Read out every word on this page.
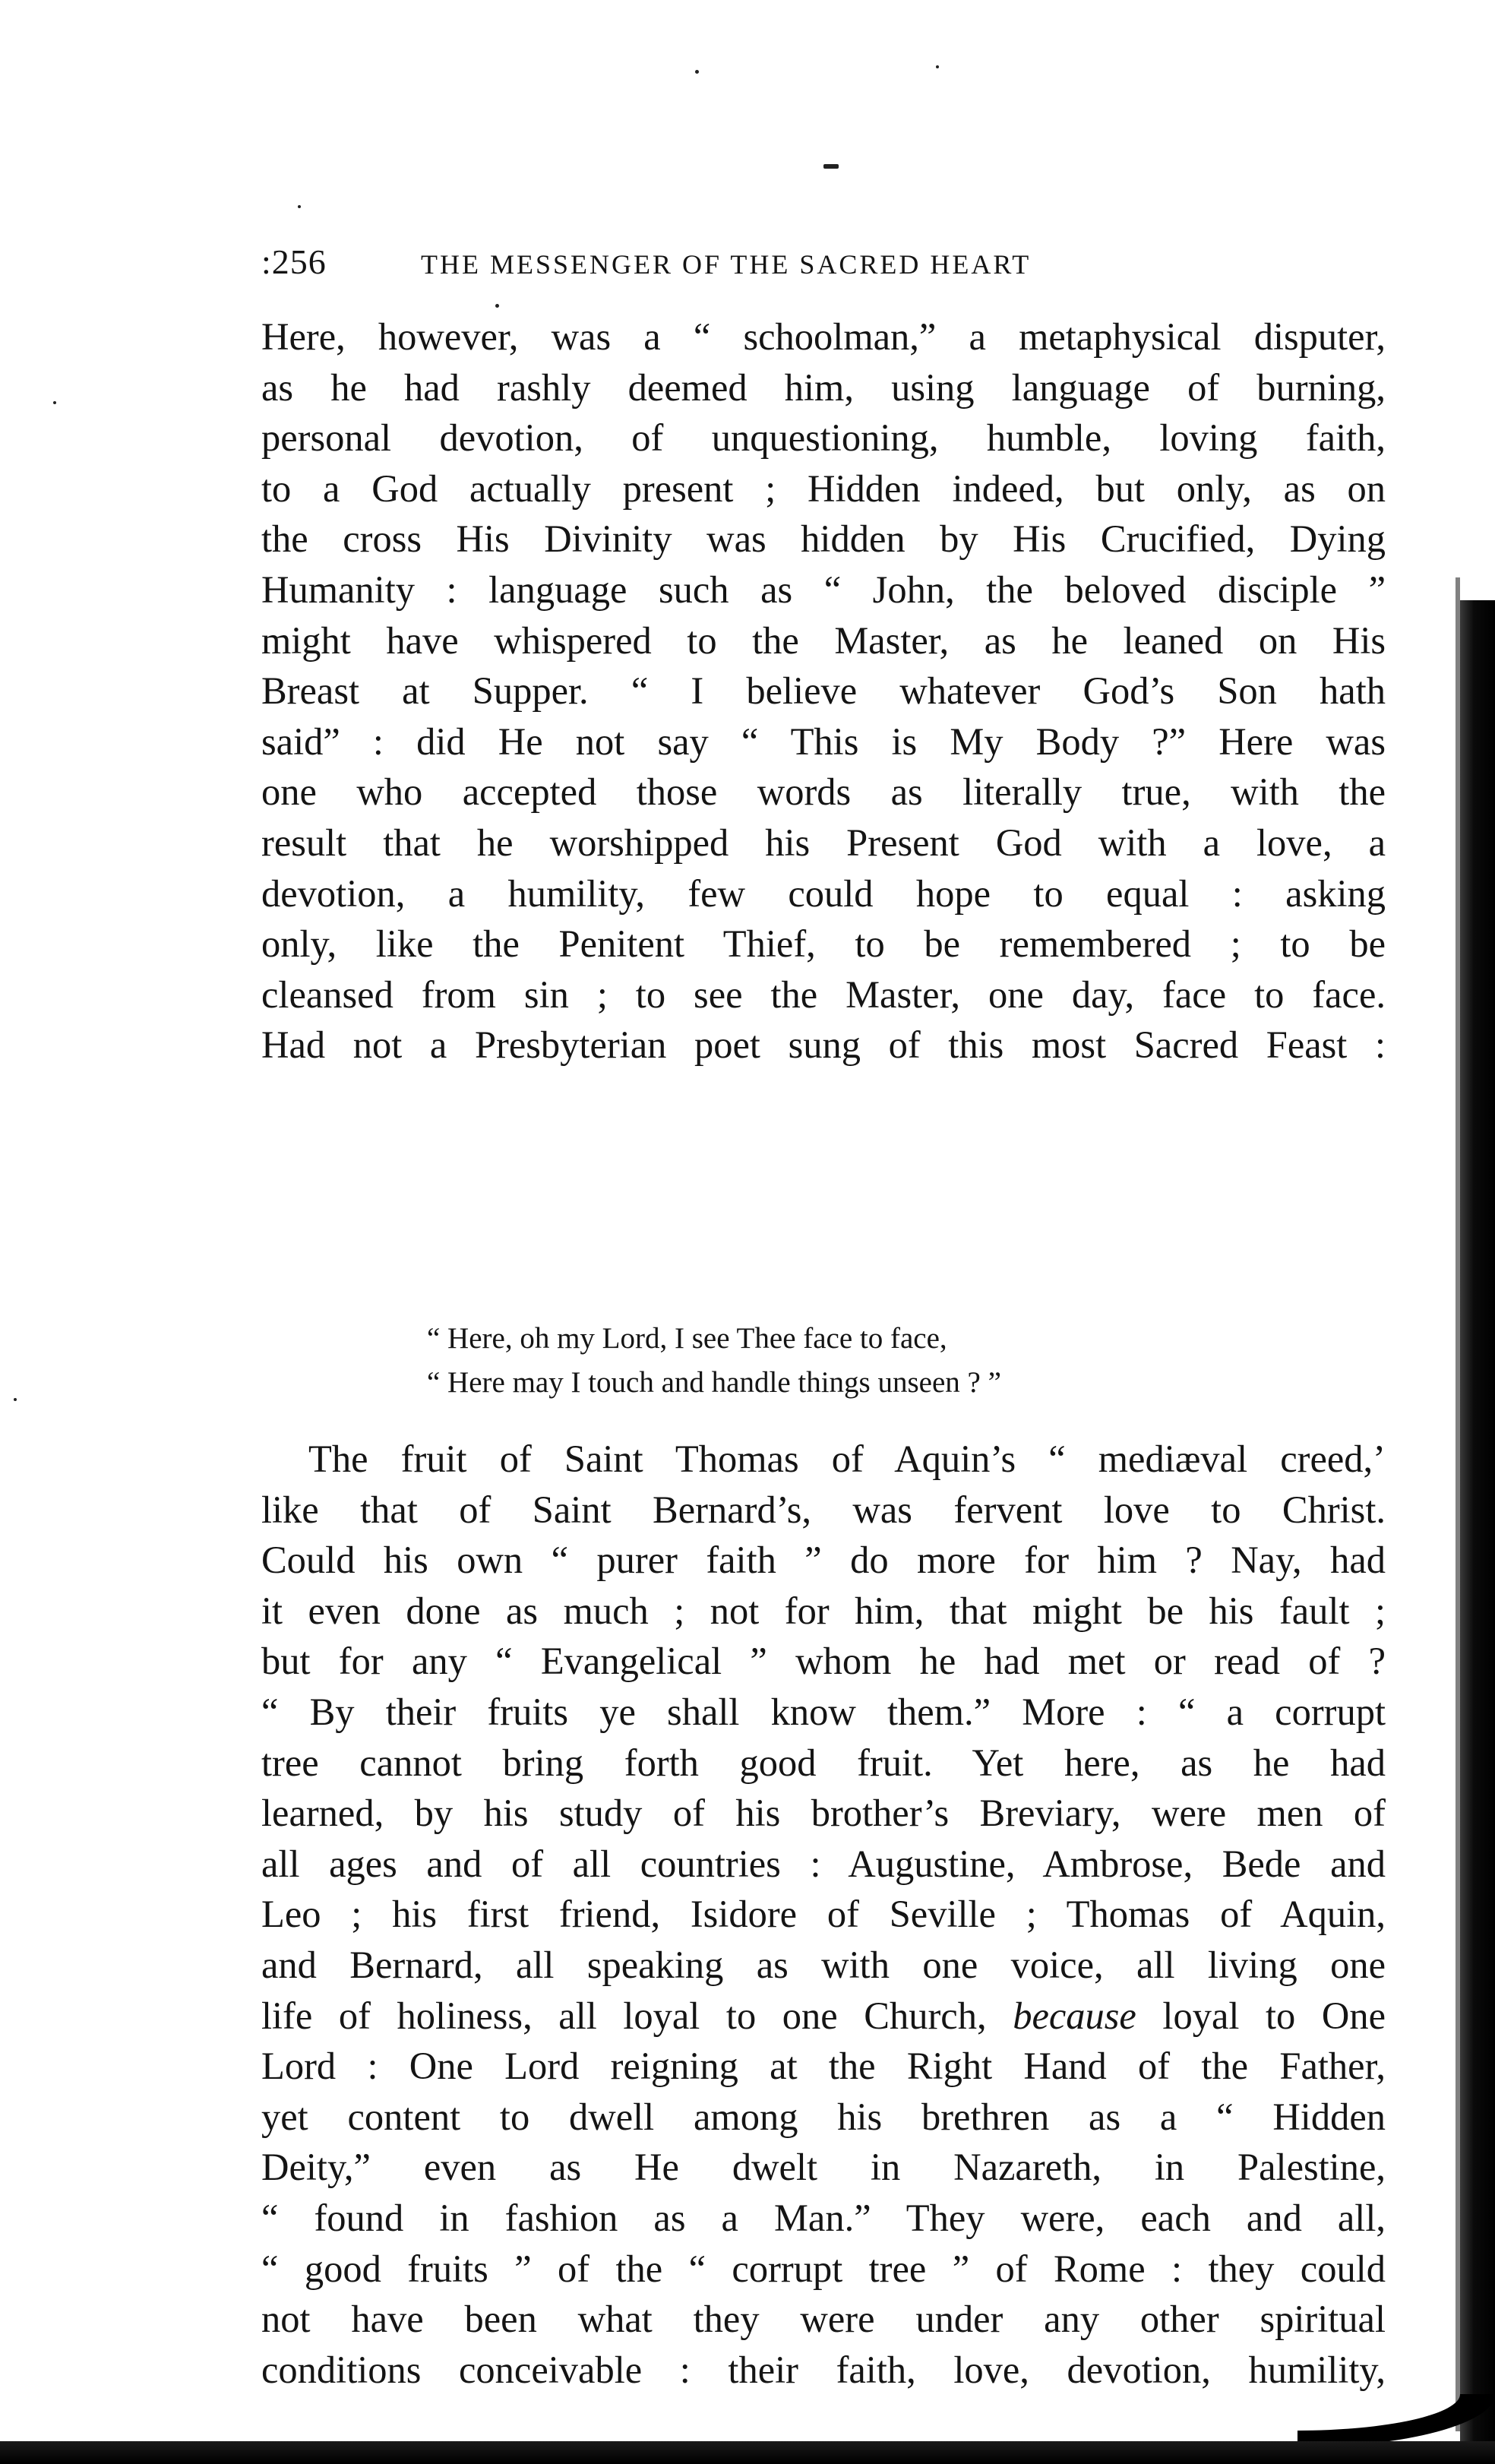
:256	THE MESSENGER OF THE SACRED HEART

Here, however, was a “ schoolman,” a metaphysical disputer,
as he had rashly deemed him, using language of burning,
personal devotion, of unquestioning, humble, loving faith,
to a God actually present ; Hidden indeed, but only, as on
the cross His Divinity was hidden by His Crucified, Dying
Humanity : language such as “ John, the beloved disciple ”
might have whispered to the Master, as he leaned on His
Breast at Supper. “ I believe whatever God’s Son hath
said” : did He not say “ This is My Body ?” Here was
one who accepted those words as literally true, with the
result that he worshipped his Present God with a love, a
devotion, a humility, few could hope to equal : asking
only, like the Penitent Thief, to be remembered ; to be
cleansed from sin ; to see the Master, one day, face to face.
Had not a Presbyterian poet sung of this most Sacred Feast :

“ Here, oh my Lord, I see Thee face to face,
“ Here may I touch and handle things unseen ? ”

The fruit of Saint Thomas of Aquin’s “ mediæval creed,’
like that of Saint Bernard’s, was fervent love to Christ.
Could his own “ purer faith ” do more for him ? Nay, had
it even done as much ; not for him, that might be his fault ;
but for any “ Evangelical ” whom he had met or read of ?
“ By their fruits ye shall know them.” More : “ a corrupt
tree cannot bring forth good fruit. Yet here, as he had
learned, by his study of his brother’s Breviary, were men of
all ages and of all countries : Augustine, Ambrose, Bede and
Leo ; his first friend, Isidore of Seville ; Thomas of Aquin,
and Bernard, all speaking as with one voice, all living one
life of holiness, all loyal to one Church, because loyal to One
Lord : One Lord reigning at the Right Hand of the Father,
yet content to dwell among his brethren as a “ Hidden
Deity,” even as He dwelt in Nazareth, in Palestine,
“ found in fashion as a Man.” They were, each and all,
“ good fruits ” of the “ corrupt tree ” of Rome : they could
not have been what they were under any other spiritual
conditions conceivable : their faith, love, devotion, humility,
